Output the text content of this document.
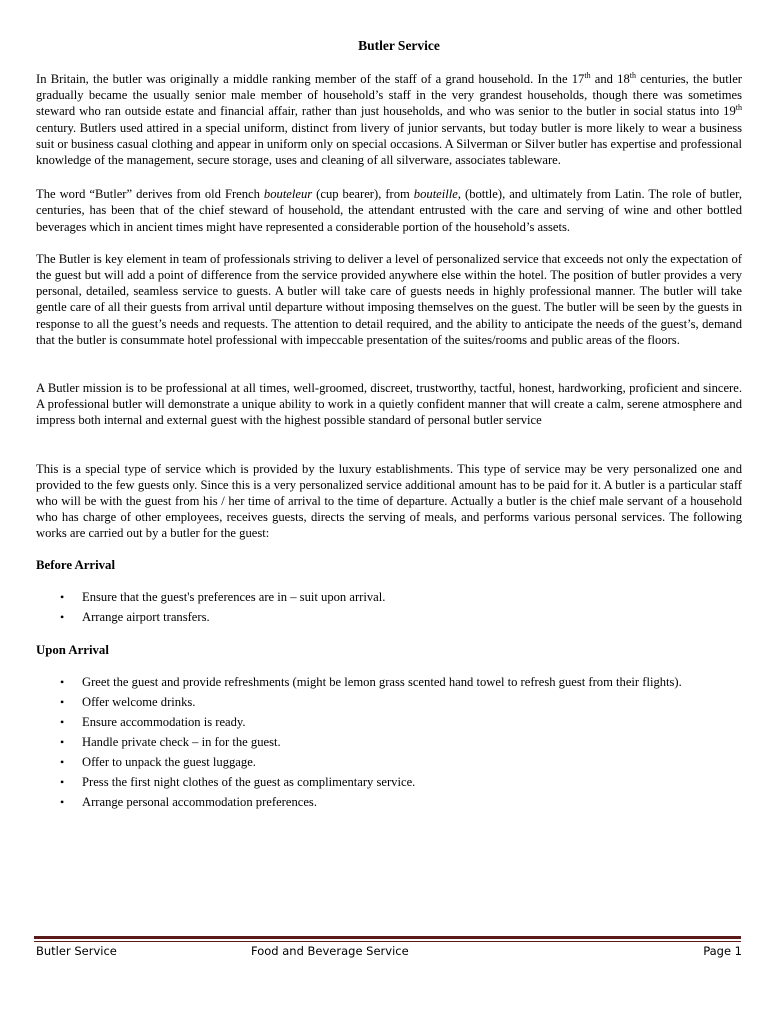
Butler Service

In Britain, the butler was originally a middle ranking member of the staff of a grand household. In the 17th and 18th centuries, the butler gradually became the usually senior male member of household’s staff in the very grandest households, though there was sometimes steward who ran outside estate and financial affair, rather than just households, and who was senior to the butler in social status into 19th century. Butlers used attired in a special uniform, distinct from livery of junior servants, but today butler is more likely to wear a business suit or business casual clothing and appear in uniform only on special occasions. A Silverman or Silver butler has expertise and professional knowledge of the management, secure storage, uses and cleaning of all silverware, associates tableware.

The word “Butler” derives from old French bouteleur (cup bearer), from bouteille, (bottle), and ultimately from Latin. The role of butler, centuries, has been that of the chief steward of household, the attendant entrusted with the care and serving of wine and other bottled beverages which in ancient times might have represented a considerable portion of the household’s assets.

The Butler is key element in team of professionals striving to deliver a level of personalized service that exceeds not only the expectation of the guest but will add a point of difference from the service provided anywhere else within the hotel. The position of butler provides a very personal, detailed, seamless service to guests. A butler will take care of guests needs in highly professional manner. The butler will take gentle care of all their guests from arrival until departure without imposing themselves on the guest. The butler will be seen by the guests in response to all the guest’s needs and requests. The attention to detail required, and the ability to anticipate the needs of the guest’s, demand that the butler is consummate hotel professional with impeccable presentation of the suites/rooms and public areas of the floors.

A Butler mission is to be professional at all times, well-groomed, discreet, trustworthy, tactful, honest, hardworking, proficient and sincere. A professional butler will demonstrate a unique ability to work in a quietly confident manner that will create a calm, serene atmosphere and impress both internal and external guest with the highest possible standard of personal butler service

This is a special type of service which is provided by the luxury establishments. This type of service may be very personalized one and provided to the few guests only. Since this is a very personalized service additional amount has to be paid for it. A butler is a particular staff who will be with the guest from his / her time of arrival to the time of departure. Actually a butler is the chief male servant of a household who has charge of other employees, receives guests, directs the serving of meals, and performs various personal services. The following works are carried out by a butler for the guest:

Before Arrival
• Ensure that the guest's preferences are in – suit upon arrival.
• Arrange airport transfers.
Upon Arrival
• Greet the guest and provide refreshments (might be lemon grass scented hand towel to refresh guest from their flights).
• Offer welcome drinks.
• Ensure accommodation is ready.
• Handle private check – in for the guest.
• Offer to unpack the guest luggage.
• Press the first night clothes of the guest as complimentary service.
• Arrange personal accommodation preferences.
Butler Service	Food and Beverage Service	Page 1
